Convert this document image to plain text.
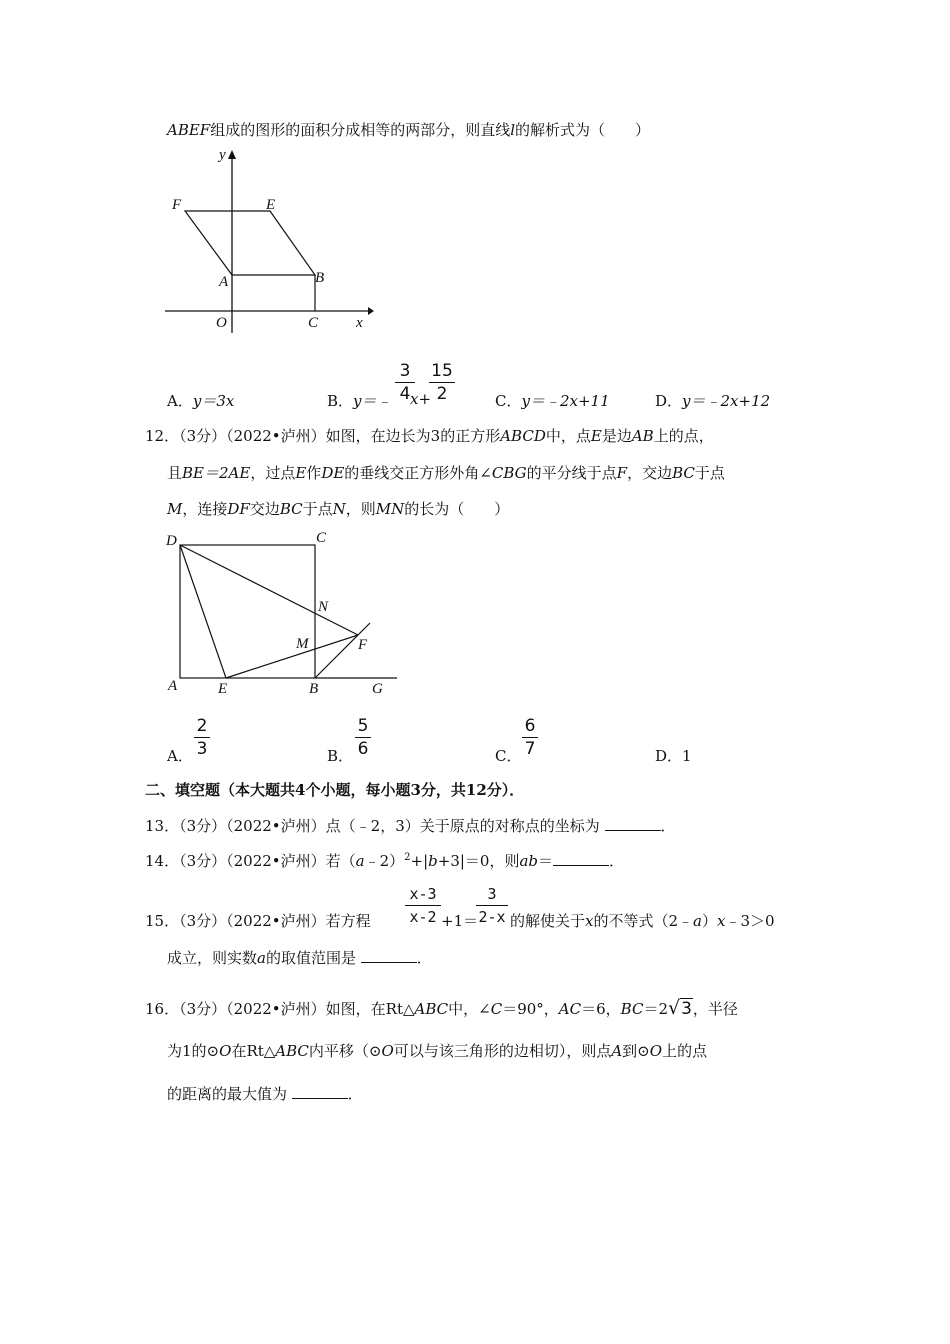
ABEF组成的图形的面积分成相等的两部分，则直线l的解析式为（　　）
y
x
O
A	B
C
E
F
A．y＝3x	B．y＝﹣
3
4 x+
15
2	C．y＝﹣2x+11	D．y＝﹣2x+12
12．（3分）（2022•泸州）如图，在边长为3的正方形ABCD中，点E是边AB上的点，
且BE＝2AE，过点E作DE的垂线交正方形外角∠CBG的平分线于点F，交边BC于点
M，连接DF交边BC于点N，则MN的长为（　　）
D	C
N
M	F
A	E	B	G
A．
2
3	B．
5
6	C．
6
7	D．1
二、填空题（本大题共4个小题，每小题3分，共12分）．
13．（3分）（2022•泸州）点（﹣2，3）关于原点的对称点的坐标为	．
14．（3分）（2022•泸州）若（a﹣2）$^2$+|b+3|＝0，则ab＝	．
15．（3分）（2022•泸州）若方程
x-3
x-2 +1＝
3
2-x 的解使关于x的不等式（2﹣a）x﹣3＞0
成立，则实数a的取值范围是	．
16．（3分）（2022•泸州）如图，在Rt△ABC中，∠C＝90°，AC＝6，BC＝2√3，半径
为1的⊙O在Rt△ABC内平移（⊙O可以与该三角形的边相切），则点A到⊙O上的点
的距离的最大值为	．
